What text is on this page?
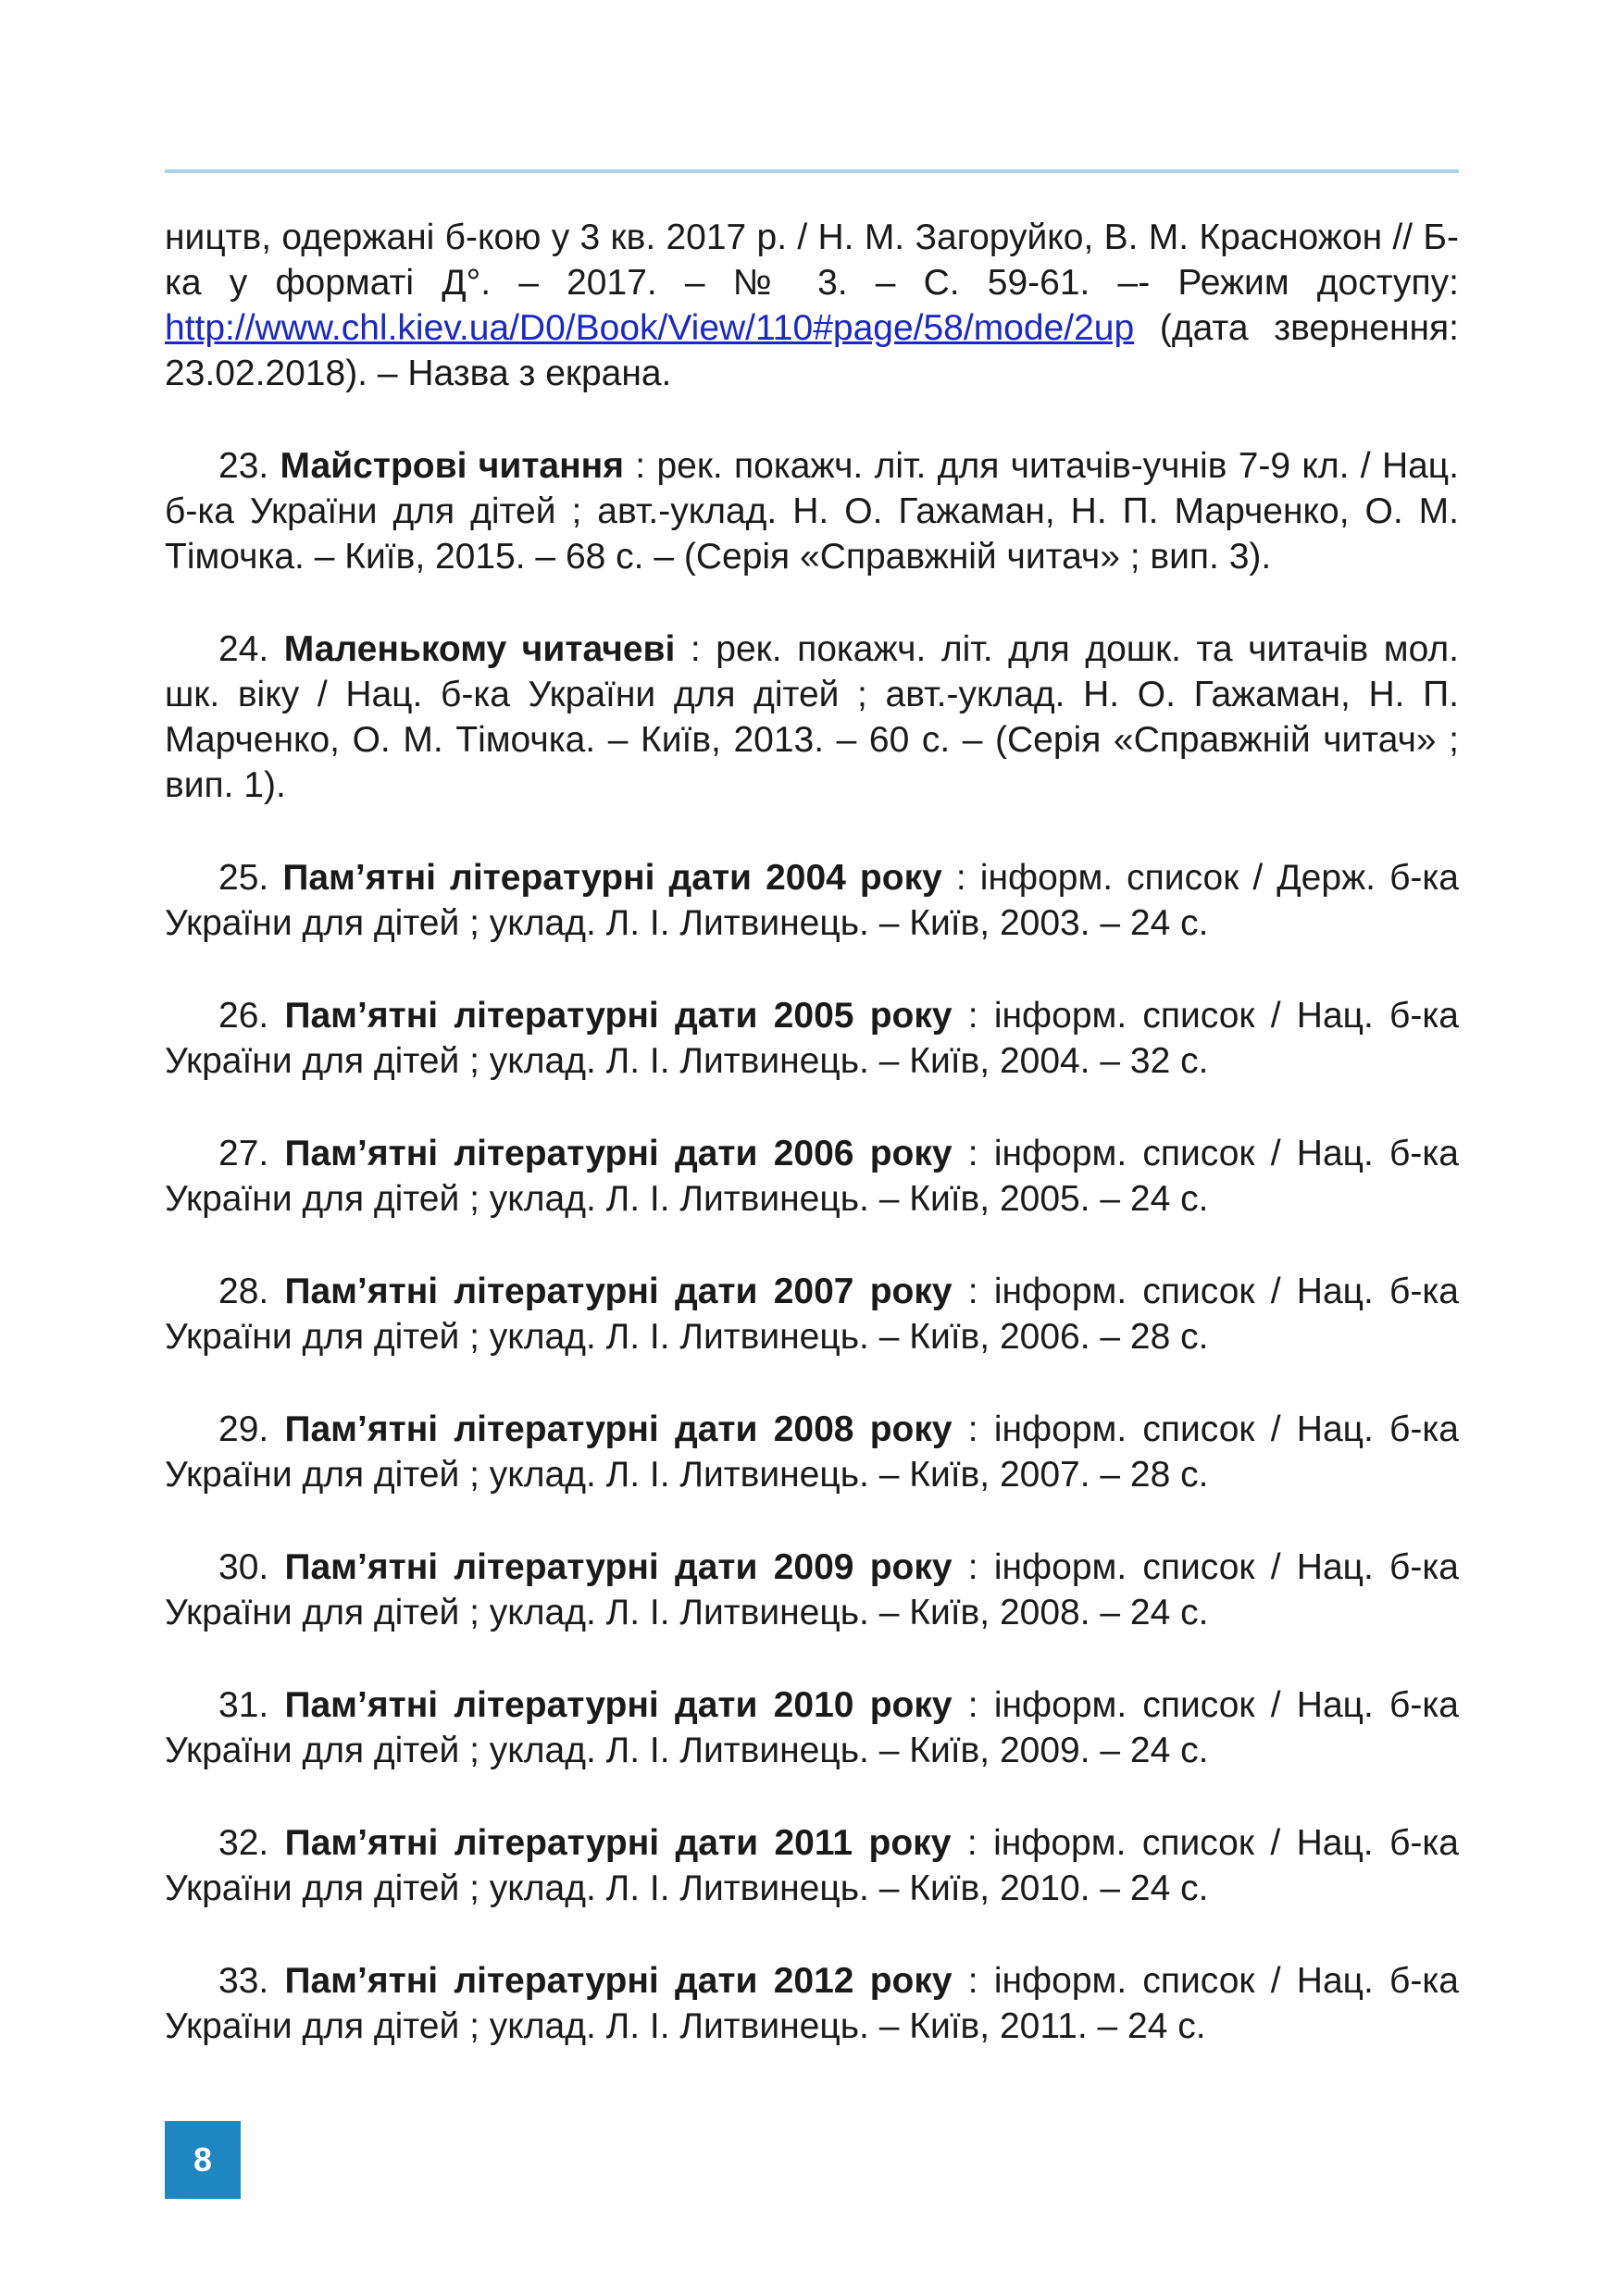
ництв, одержані б-кою у 3 кв. 2017 р. / Н. М. Загоруйко, В. М. Красножон // Б-ка у форматі Д°. – 2017. – № 3. – С. 59-61. –- Режим доступу: http://www.chl.kiev.ua/D0/Book/View/110#page/58/mode/2up (дата звернення: 23.02.2018). – Назва з екрана.

23. Майстрові читання : рек. покажч. літ. для читачів-учнів 7-9 кл. / Нац. б-ка України для дітей ; авт.-уклад. Н. О. Гажаман, Н. П. Марченко, О. М. Тімочка. – Київ, 2015. – 68 с. – (Серія «Справжній читач» ; вип. 3).

24. Маленькому читачеві : рек. покажч. літ. для дошк. та читачів мол. шк. віку / Нац. б-ка України для дітей ; авт.-уклад. Н. О. Гажаман, Н. П. Марченко, О. М. Тімочка. – Київ, 2013. – 60 с. – (Серія «Справжній читач» ; вип. 1).

25. Пам’ятні літературні дати 2004 року : інформ. список / Держ. б-ка України для дітей ; уклад. Л. І. Литвинець. – Київ, 2003. – 24 с.

26. Пам’ятні літературні дати 2005 року : інформ. список / Нац. б-ка України для дітей ; уклад. Л. І. Литвинець. – Київ, 2004. – 32 с.

27. Пам’ятні літературні дати 2006 року : інформ. список / Нац. б-ка України для дітей ; уклад. Л. І. Литвинець. – Київ, 2005. – 24 с.

28. Пам’ятні літературні дати 2007 року : інформ. список / Нац. б-ка України для дітей ; уклад. Л. І. Литвинець. – Київ, 2006. – 28 с.

29. Пам’ятні літературні дати 2008 року : інформ. список / Нац. б-ка України для дітей ; уклад. Л. І. Литвинець. – Київ, 2007. – 28 с.

30. Пам’ятні літературні дати 2009 року : інформ. список / Нац. б-ка України для дітей ; уклад. Л. І. Литвинець. – Київ, 2008. – 24 с.

31. Пам’ятні літературні дати 2010 року : інформ. список / Нац. б-ка України для дітей ; уклад. Л. І. Литвинець. – Київ, 2009. – 24 с.

32. Пам’ятні літературні дати 2011 року : інформ. список / Нац. б-ка України для дітей ; уклад. Л. І. Литвинець. – Київ, 2010. – 24 с.

33. Пам’ятні літературні дати 2012 року : інформ. список / Нац. б-ка України для дітей ; уклад. Л. І. Литвинець. – Київ, 2011. – 24 с.

8
